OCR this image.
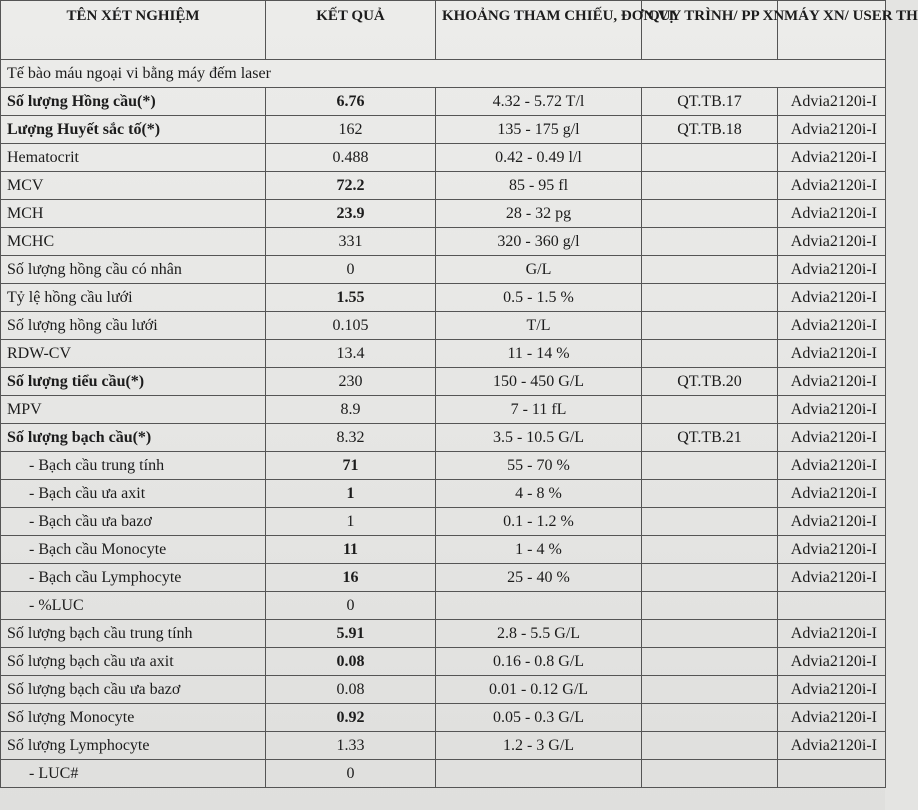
TÊN XÉT NGHIỆM	KẾT QUẢ	KHOẢNG THAM CHIẾU, ĐƠN VỊ	QUY TRÌNH/ PP XN	MÁY XN/ USER TH
Tế bào máu ngoại vi bằng máy đếm laser				
Số lượng Hồng cầu(*)	6.76	4.32 - 5.72 T/l	QT.TB.17	Advia2120i-I
Lượng Huyết sắc tố(*)	162	135 - 175 g/l	QT.TB.18	Advia2120i-I
Hematocrit	0.488	0.42 - 0.49 l/l		Advia2120i-I
MCV	72.2	85 - 95 fl		Advia2120i-I
MCH	23.9	28 - 32 pg		Advia2120i-I
MCHC	331	320 - 360 g/l		Advia2120i-I
Số lượng hồng cầu có nhân	0	G/L		Advia2120i-I
Tỷ lệ hồng cầu lưới	1.55	0.5 - 1.5 %		Advia2120i-I
Số lượng hồng cầu lưới	0.105	T/L		Advia2120i-I
RDW-CV	13.4	11 - 14 %		Advia2120i-I
Số lượng tiểu cầu(*)	230	150 - 450 G/L	QT.TB.20	Advia2120i-I
MPV	8.9	7 - 11 fL		Advia2120i-I
Số lượng bạch cầu(*)	8.32	3.5 - 10.5 G/L	QT.TB.21	Advia2120i-I
- Bạch cầu trung tính	71	55 - 70 %		Advia2120i-I
- Bạch cầu ưa axit	1	4 - 8 %		Advia2120i-I
- Bạch cầu ưa bazơ	1	0.1 - 1.2 %		Advia2120i-I
- Bạch cầu Monocyte	11	1 - 4 %		Advia2120i-I
- Bạch cầu Lymphocyte	16	25 - 40 %		Advia2120i-I
- %LUC	0			
Số lượng bạch cầu trung tính	5.91	2.8 - 5.5 G/L		Advia2120i-I
Số lượng bạch cầu ưa axit	0.08	0.16 - 0.8 G/L		Advia2120i-I
Số lượng bạch cầu ưa bazơ	0.08	0.01 - 0.12 G/L		Advia2120i-I
Số lượng Monocyte	0.92	0.05 - 0.3 G/L		Advia2120i-I
Số lượng Lymphocyte	1.33	1.2 - 3 G/L		Advia2120i-I
- LUC#	0			
